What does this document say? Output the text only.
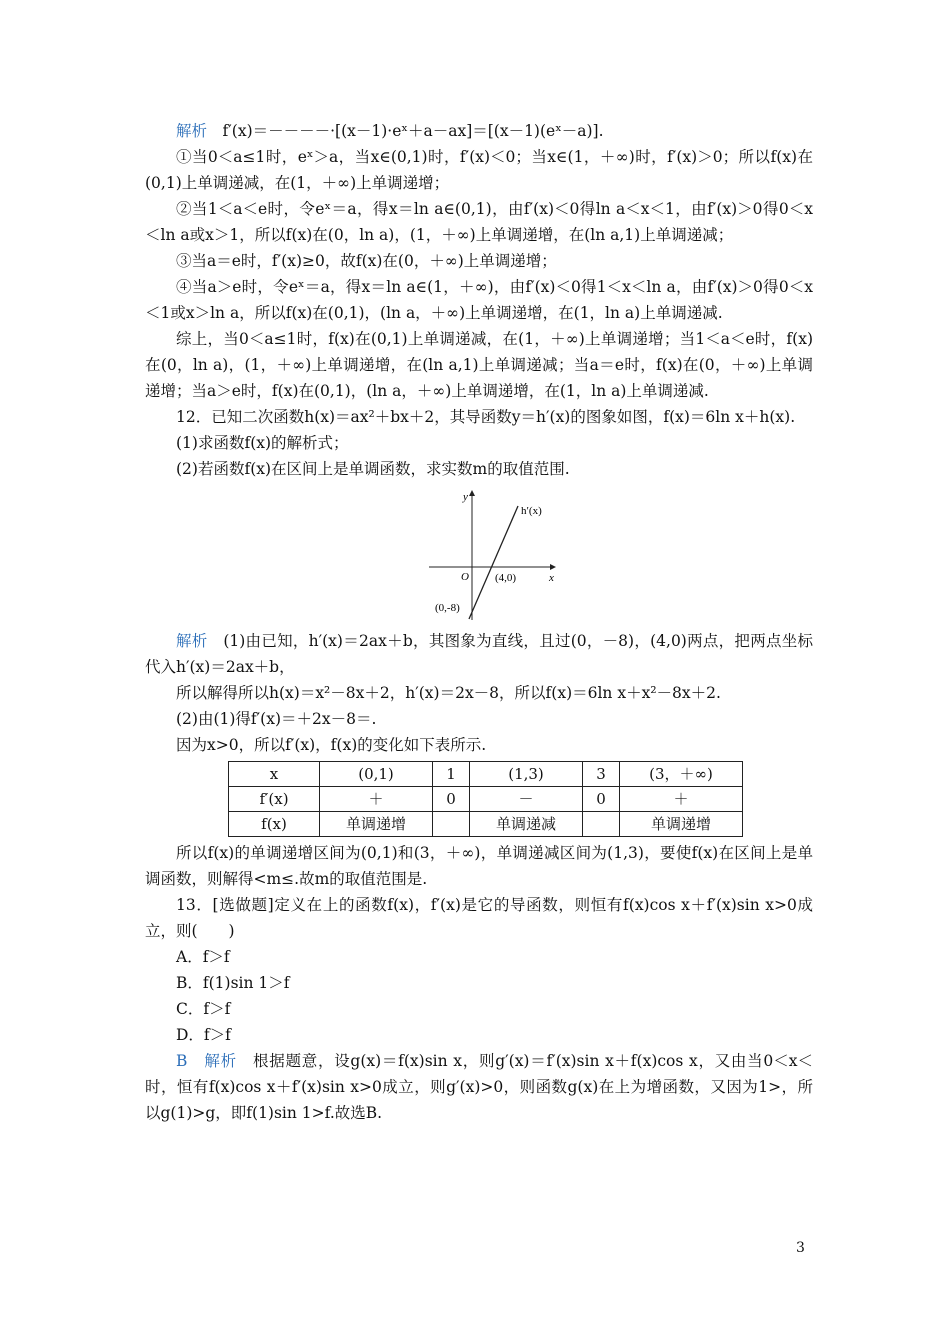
解析　 f′(x)＝－－－－·[(x－1)·eˣ＋a－ax]＝[(x－1)(eˣ－a)].

①当0＜a≤1时，eˣ＞a，当x∈(0,1)时，f′(x)＜0；当x∈(1，＋∞)时，f′(x)＞0；所以f(x)在(0,1)上单调递减，在(1，＋∞)上单调递增；

②当1＜a＜e时，令eˣ＝a，得x＝ln a∈(0,1)，由f′(x)＜0得ln a＜x＜1，由f′(x)＞0得0＜x＜ln a或x＞1，所以f(x)在(0，ln a)，(1，＋∞)上单调递增，在(ln a,1)上单调递减；

③当a＝e时，f′(x)≥0，故f(x)在(0，＋∞)上单调递增；

④当a＞e时，令eˣ＝a，得x＝ln a∈(1，＋∞)，由f′(x)＜0得1＜x＜ln a，由f′(x)＞0得0＜x＜1或x＞ln a，所以f(x)在(0,1)，(ln a，＋∞)上单调递增，在(1，ln a)上单调递减.

综上，当0＜a≤1时，f(x)在(0,1)上单调递减，在(1，＋∞)上单调递增；当1＜a＜e时，f(x)在(0，ln a)，(1，＋∞)上单调递增，在(ln a,1)上单调递减；当a＝e时，f(x)在(0，＋∞)上单调递增；当a＞e时，f(x)在(0,1)，(ln a，＋∞)上单调递增，在(1，ln a)上单调递减.

12．已知二次函数h(x)＝ax²＋bx＋2，其导函数y＝h′(x)的图象如图，f(x)＝6ln x＋h(x).

(1)求函数f(x)的解析式；

(2)若函数f(x)在区间上是单调函数，求实数m的取值范围.

y
x
O
h′(x)
(4,0)
(0,-8)

解析　 (1)由已知，h′(x)＝2ax＋b，其图象为直线，且过(0，－8)，(4,0)两点，把两点坐标代入h′(x)＝2ax＋b，

所以解得所以h(x)＝x²－8x＋2，h′(x)＝2x－8，所以f(x)＝6ln x＋x²－8x＋2.

(2)由(1)得f′(x)＝＋2x－8＝.

因为x>0，所以f′(x)，f(x)的变化如下表所示.

x	(0,1)	1	(1,3)	3	(3，＋∞)
f′(x)	＋	0	－	0	＋
f(x)	单调递增		单调递减		单调递增

所以f(x)的单调递增区间为(0,1)和(3，＋∞)，单调递减区间为(1,3)，要使f(x)在区间上是单调函数，则解得<m≤.故m的取值范围是.

13．[选做题]定义在上的函数f(x)，f′(x)是它的导函数，则恒有f(x)cos x＋f′(x)sin x>0成立，则(　　)

A．f＞f

B．f(1)sin 1＞f

C．f＞f

D．f＞f

B　解析　 根据题意，设g(x)＝f(x)sin x，则g′(x)＝f′(x)sin x＋f(x)cos x，又由当0＜x＜时，恒有f(x)cos x＋f′(x)sin x>0成立，则g′(x)>0，则函数g(x)在上为增函数，又因为1>，所以g(1)>g，即f(1)sin 1>f.故选B.

3
